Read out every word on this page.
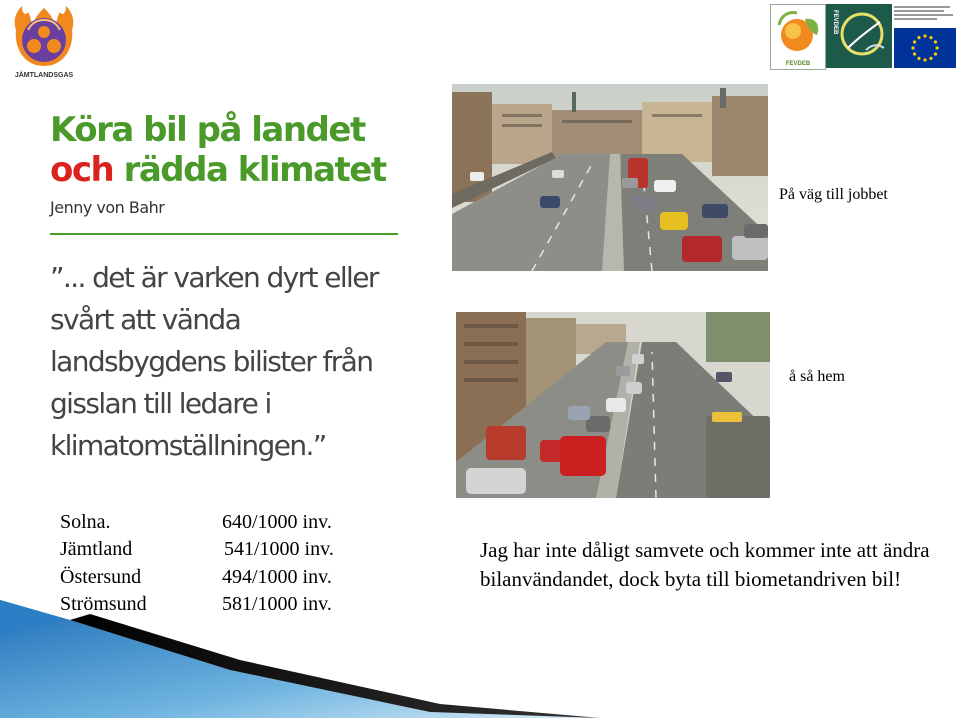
JÄMTLANDSGAS
FEVDEB
FEVDEB
Köra bil på landet
och rädda klimatet
Jenny von Bahr
”... det är varken dyrt eller svårt att vända landsbygdens bilister från gisslan till ledare i klimatomställningen.”
På väg till jobbet
å så hem
Solna.	640/1000 inv.
Jämtland	541/1000 inv.
Östersund	494/1000 inv.
Strömsund	581/1000 inv.
Jag har inte dåligt samvete och kommer inte att ändra bilanvändandet, dock byta till biometandriven bil!
